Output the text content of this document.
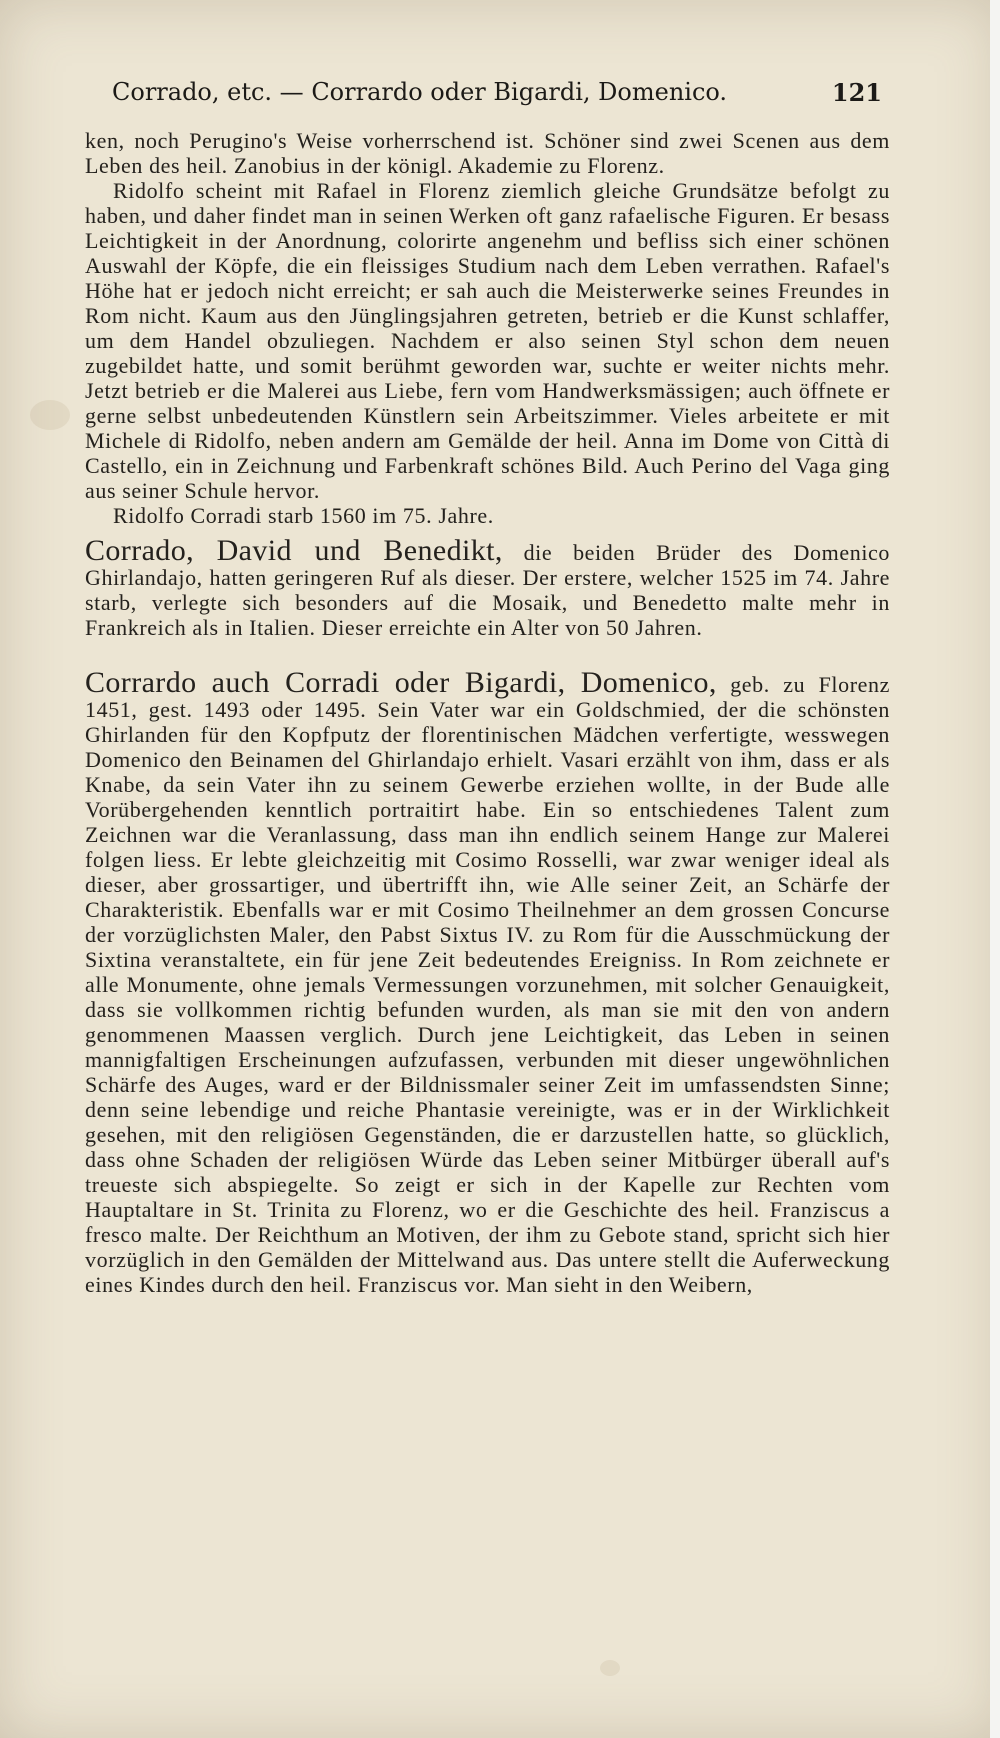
Corrado, etc. — Corrardo oder Bigardi, Domenico.	121

ken, noch Perugino's Weise vorherrschend ist. Schöner sind zwei Scenen aus dem Leben des heil. Zanobius in der königl. Akademie zu Florenz.

Ridolfo scheint mit Rafael in Florenz ziemlich gleiche Grundsätze befolgt zu haben, und daher findet man in seinen Werken oft ganz rafaelische Figuren. Er besass Leichtigkeit in der Anordnung, colorirte angenehm und befliss sich einer schönen Auswahl der Köpfe, die ein fleissiges Studium nach dem Leben verrathen. Rafael's Höhe hat er jedoch nicht erreicht; er sah auch die Meisterwerke seines Freundes in Rom nicht. Kaum aus den Jünglingsjahren getreten, betrieb er die Kunst schlaffer, um dem Handel obzuliegen. Nachdem er also seinen Styl schon dem neuen zugebildet hatte, und somit berühmt geworden war, suchte er weiter nichts mehr. Jetzt betrieb er die Malerei aus Liebe, fern vom Handwerksmässigen; auch öffnete er gerne selbst unbedeutenden Künstlern sein Arbeitszimmer. Vieles arbeitete er mit Michele di Ridolfo, neben andern am Gemälde der heil. Anna im Dome von Città di Castello, ein in Zeichnung und Farbenkraft schönes Bild. Auch Perino del Vaga ging aus seiner Schule hervor.

Ridolfo Corradi starb 1560 im 75. Jahre.

Corrado, David und Benedikt, die beiden Brüder des Domenico Ghirlandajo, hatten geringeren Ruf als dieser. Der erstere, welcher 1525 im 74. Jahre starb, verlegte sich besonders auf die Mosaik, und Benedetto malte mehr in Frankreich als in Italien. Dieser erreichte ein Alter von 50 Jahren.

Corrardo auch Corradi oder Bigardi, Domenico, geb. zu Florenz 1451, gest. 1493 oder 1495. Sein Vater war ein Goldschmied, der die schönsten Ghirlanden für den Kopfputz der florentinischen Mädchen verfertigte, wesswegen Domenico den Beinamen del Ghirlandajo erhielt. Vasari erzählt von ihm, dass er als Knabe, da sein Vater ihn zu seinem Gewerbe erziehen wollte, in der Bude alle Vorübergehenden kenntlich portraitirt habe. Ein so entschiedenes Talent zum Zeichnen war die Veranlassung, dass man ihn endlich seinem Hange zur Malerei folgen liess. Er lebte gleichzeitig mit Cosimo Rosselli, war zwar weniger ideal als dieser, aber grossartiger, und übertrifft ihn, wie Alle seiner Zeit, an Schärfe der Charakteristik. Ebenfalls war er mit Cosimo Theilnehmer an dem grossen Concurse der vorzüglichsten Maler, den Pabst Sixtus IV. zu Rom für die Ausschmückung der Sixtina veranstaltete, ein für jene Zeit bedeutendes Ereigniss. In Rom zeichnete er alle Monumente, ohne jemals Vermessungen vorzunehmen, mit solcher Genauigkeit, dass sie vollkommen richtig befunden wurden, als man sie mit den von andern genommenen Maassen verglich. Durch jene Leichtigkeit, das Leben in seinen mannigfaltigen Erscheinungen aufzufassen, verbunden mit dieser ungewöhnlichen Schärfe des Auges, ward er der Bildnissmaler seiner Zeit im umfassendsten Sinne; denn seine lebendige und reiche Phantasie vereinigte, was er in der Wirklichkeit gesehen, mit den religiösen Gegenständen, die er darzustellen hatte, so glücklich, dass ohne Schaden der religiösen Würde das Leben seiner Mitbürger überall auf's treueste sich abspiegelte. So zeigt er sich in der Kapelle zur Rechten vom Hauptaltare in St. Trinita zu Florenz, wo er die Geschichte des heil. Franziscus a fresco malte. Der Reichthum an Motiven, der ihm zu Gebote stand, spricht sich hier vorzüglich in den Gemälden der Mittelwand aus. Das untere stellt die Auferweckung eines Kindes durch den heil. Franziscus vor. Man sieht in den Weibern,
